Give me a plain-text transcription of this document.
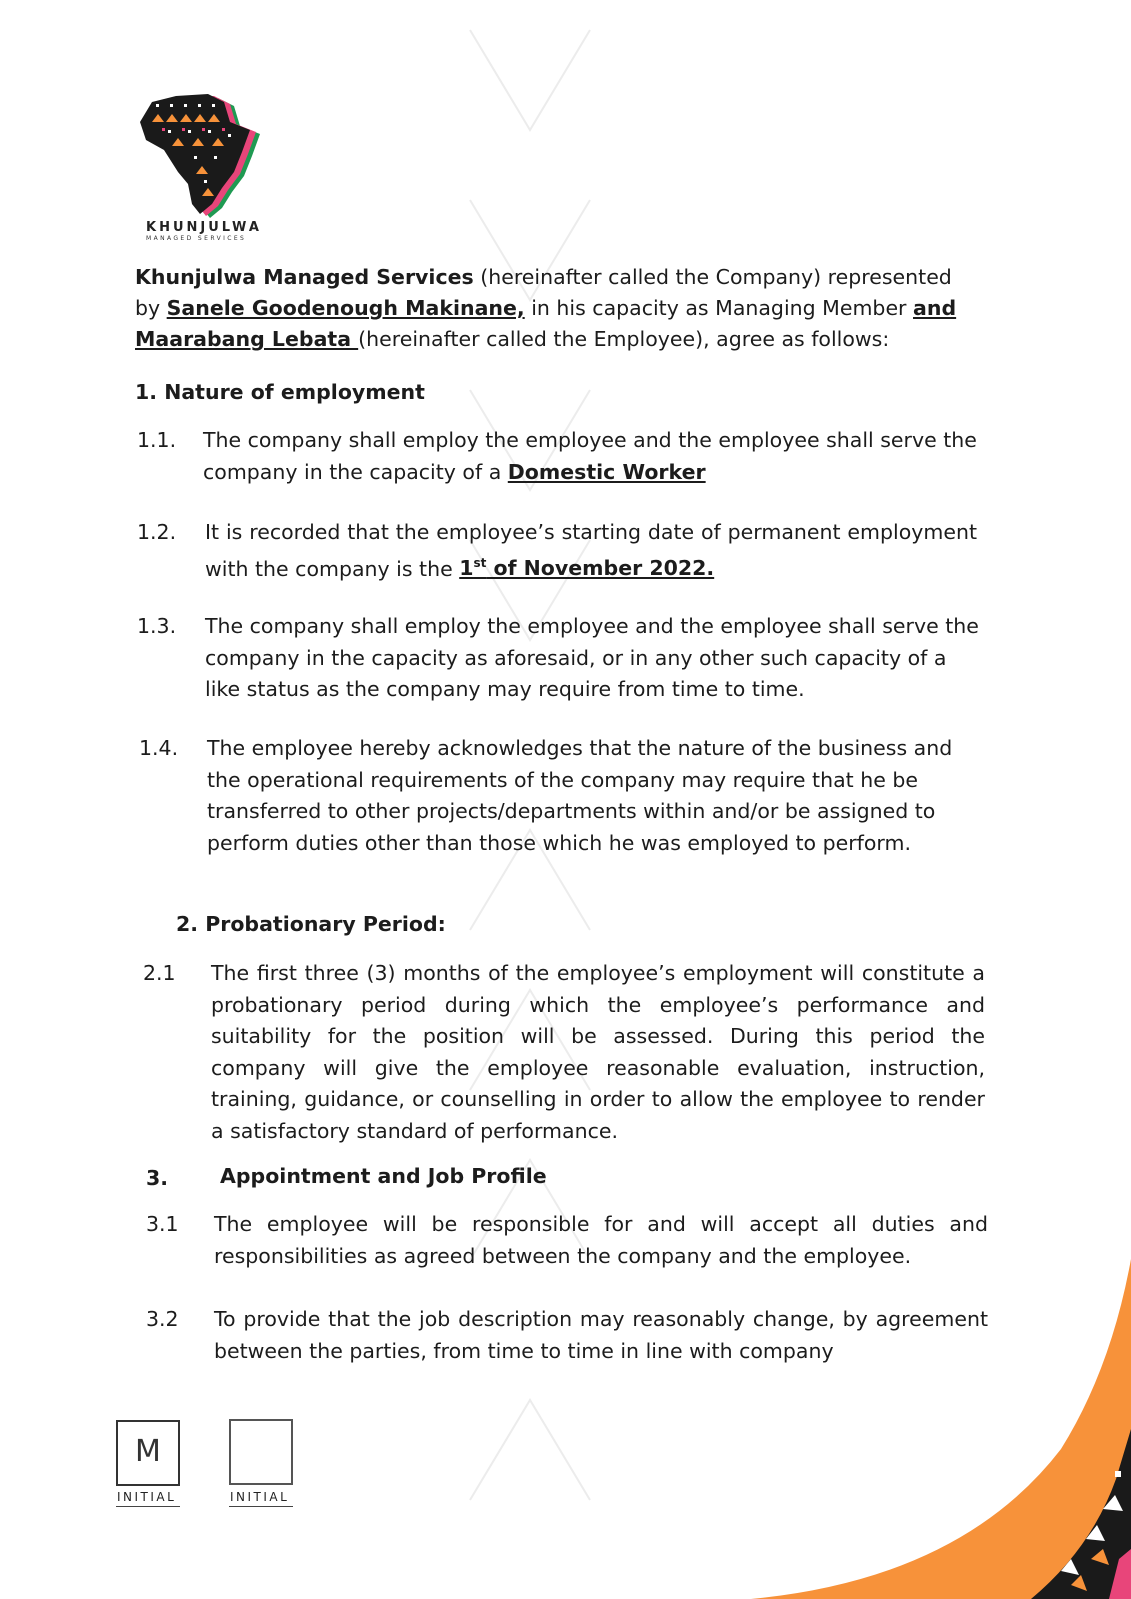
KHUNJULWA
MANAGED SERVICES
Khunjulwa Managed Services (hereinafter called the Company) represented by Sanele Goodenough Makinane, in his capacity as Managing Member and Maarabang Lebata (hereinafter called the Employee), agree as follows:
1. Nature of employment
1.1. The company shall employ the employee and the employee shall serve the company in the capacity of a Domestic Worker
1.2. It is recorded that the employee’s starting date of permanent employment with the company is the 1st of November 2022.
1.3. The company shall employ the employee and the employee shall serve the company in the capacity as aforesaid, or in any other such capacity of a like status as the company may require from time to time.
1.4. The employee hereby acknowledges that the nature of the business and the operational requirements of the company may require that he be transferred to other projects/departments within and/or be assigned to perform duties other than those which he was employed to perform.
2. Probationary Period:
2.1 The first three (3) months of the employee’s employment will constitute a probationary period during which the employee’s performance and suitability for the position will be assessed. During this period the company will give the employee reasonable evaluation, instruction, training, guidance, or counselling in order to allow the employee to render a satisfactory standard of performance.
3.	Appointment and Job Profile
3.1 The employee will be responsible for and will accept all duties and responsibilities as agreed between the company and the employee.
3.2 To provide that the job description may reasonably change, by agreement between the parties, from time to time in line with company
M
INITIAL	INITIAL
